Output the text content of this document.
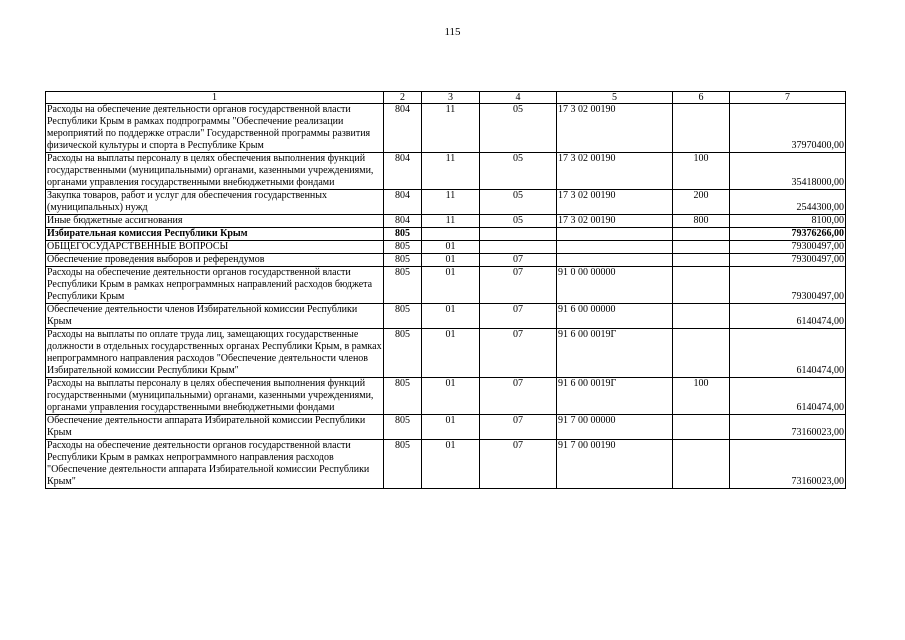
115
1	2	3	4	5	6	7
Расходы на обеспечение деятельности органов государственной власти Республики Крым в рамках подпрограммы "Обеспечение реализации мероприятий по поддержке отрасли" Государственной программы развития физической культуры и спорта в Республике Крым	804	11	05	17 3 02 00190		37970400,00
Расходы на выплаты персоналу в целях обеспечения выполнения функций государственными (муниципальными) органами, казенными учреждениями, органами управления государственными внебюджетными фондами	804	11	05	17 3 02 00190	100	35418000,00
Закупка товаров, работ и услуг для обеспечения государственных (муниципальных) нужд	804	11	05	17 3 02 00190	200	2544300,00
Иные бюджетные ассигнования	804	11	05	17 3 02 00190	800	8100,00
Избирательная комиссия Республики Крым	805					79376266,00
ОБЩЕГОСУДАРСТВЕННЫЕ ВОПРОСЫ	805	01				79300497,00
Обеспечение проведения выборов и референдумов	805	01	07			79300497,00
Расходы на обеспечение деятельности органов государственной власти Республики Крым в рамках непрограммных направлений расходов бюджета Республики Крым	805	01	07	91 0 00 00000		79300497,00
Обеспечение деятельности членов Избирательной комиссии Республики Крым	805	01	07	91 6 00 00000		6140474,00
Расходы на выплаты по оплате труда лиц, замещающих государственные должности в отдельных государственных органах Республики Крым, в рамках непрограммного направления расходов "Обеспечение деятельности членов Избирательной комиссии Республики Крым"	805	01	07	91 6 00 0019Г		6140474,00
Расходы на выплаты персоналу в целях обеспечения выполнения функций государственными (муниципальными) органами, казенными учреждениями, органами управления государственными внебюджетными фондами	805	01	07	91 6 00 0019Г	100	6140474,00
Обеспечение деятельности аппарата Избирательной комиссии Республики Крым	805	01	07	91 7 00 00000		73160023,00
Расходы на обеспечение деятельности органов государственной власти Республики Крым в рамках непрограммного направления расходов "Обеспечение деятельности аппарата Избирательной комиссии Республики Крым"	805	01	07	91 7 00 00190		73160023,00
